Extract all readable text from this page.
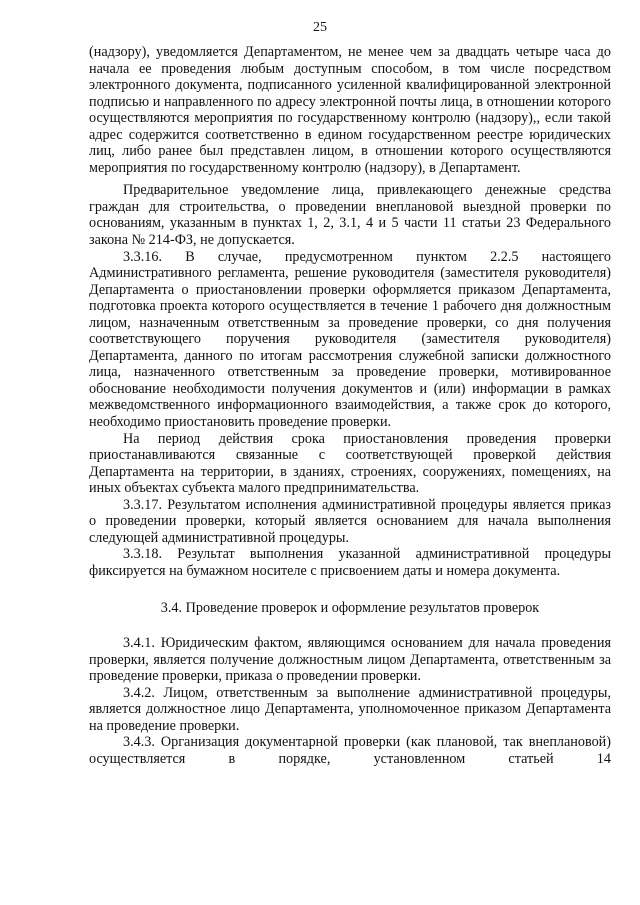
25

(надзору), уведомляется Департаментом, не менее чем за двадцать четыре часа до начала ее проведения любым доступным способом, в том числе посредством электронного документа, подписанного усиленной квалифицированной электронной подписью и направленного по адресу электронной почты лица, в отношении которого осуществляются мероприятия по государственному контролю (надзору),, если такой адрес содержится соответственно в едином государственном реестре юридических лиц, либо ранее был представлен лицом, в отношении которого осуществляются мероприятия по государственному контролю (надзору), в Департамент.

Предварительное уведомление лица, привлекающего денежные средства граждан для строительства, о проведении внеплановой выездной проверки по основаниям, указанным в пунктах 1, 2, 3.1, 4 и 5 части 11 статьи 23 Федерального закона № 214-ФЗ, не допускается.

3.3.16. В случае, предусмотренном пунктом 2.2.5 настоящего Административного регламента, решение руководителя (заместителя руководителя) Департамента о приостановлении проверки оформляется приказом Департамента, подготовка проекта которого осуществляется в течение 1 рабочего дня должностным лицом, назначенным ответственным за проведение проверки, со дня получения соответствующего поручения руководителя (заместителя руководителя) Департамента, данного по итогам рассмотрения служебной записки должностного лица, назначенного ответственным за проведение проверки, мотивированное обоснование необходимости получения документов и (или) информации в рамках межведомственного информационного взаимодействия, а также срок до которого, необходимо приостановить проведение проверки.

На период действия срока приостановления проведения проверки приостанавливаются связанные с соответствующей проверкой действия Департамента на территории, в зданиях, строениях, сооружениях, помещениях, на иных объектах субъекта малого предпринимательства.

3.3.17. Результатом исполнения административной процедуры является приказ о проведении проверки, который является основанием для начала выполнения следующей административной процедуры.

3.3.18. Результат выполнения указанной административной процедуры фиксируется на бумажном носителе с присвоением даты и номера документа.

3.4. Проведение проверок и оформление результатов проверок

3.4.1. Юридическим фактом, являющимся основанием для начала проведения проверки, является получение должностным лицом Департамента, ответственным за проведение проверки, приказа о проведении проверки.

3.4.2. Лицом, ответственным за выполнение административной процедуры, является должностное лицо Департамента, уполномоченное приказом Департамента на проведение проверки.

3.4.3. Организация документарной проверки (как плановой, так внеплановой) осуществляется в порядке, установленном статьей 14
